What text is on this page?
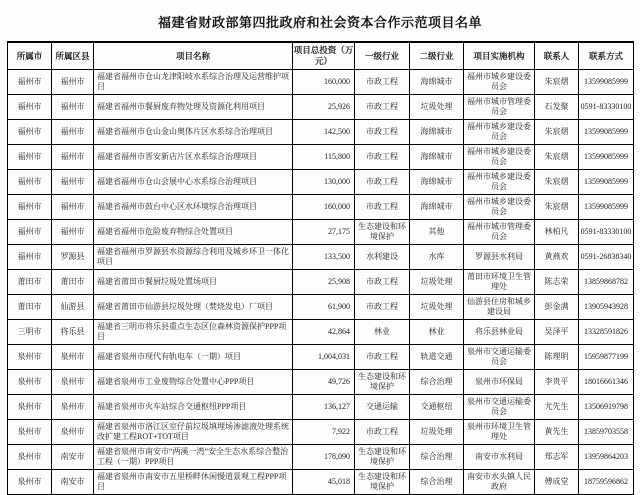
福建省财政部第四批政府和社会资本合作示范项目名单
所属市	所属区县	项目名称	项目总投资（万元）	一级行业	二级行业	项目实施机构	联系人	联系方式
福州市	福州市	福建省福州市仓山龙津阳岐水系综合治理及运营维护项目	160,000	市政工程	海绵城市	福州市城乡建设委员会	朱宸熠	13599085999
福州市	福州市	福建省福州市餐厨废弃物处理及资源化利用项目	25,926	市政工程	垃圾处理	福州市城市管理委员会	石发聚	0591-83330100
福州市	福州市	福建省福州市仓山金山奥体片区水系综合治理项目	142,500	市政工程	海绵城市	福州市城乡建设委员会	朱宸熠	13599085999
福州市	福州市	福建省福州市晋安新店片区水系综合治理项目	115,800	市政工程	海绵城市	福州市城乡建设委员会	朱宸熠	13599085999
福州市	福州市	福建省福州市仓山会展中心水系综合治理项目	130,000	市政工程	海绵城市	福州市城乡建设委员会	朱宸熠	13599085999
福州市	福州市	福建省福州市鼓台中心区水环境综合治理项目	160,000	市政工程	海绵城市	福州市城乡建设委员会	朱宸熠	13599085999
福州市	福州市	福建省福州市危险废弃物综合处置项目	27,175	生态建设和环境保护	其他	福州市城市管理委员会	林柏凡	0591-83330100
福州市	罗源县	福建省福州市罗源县水资源综合利用及城乡环卫一体化项目	133,500	水利建设	水库	罗源县水利局	黄燕欢	0591-26838340
莆田市	莆田市	福建省莆田市餐厨垃圾处置场项目	25,908	市政工程	垃圾处理	莆田市环境卫生管理处	陈志荣	13859868782
莆田市	仙游县	福建省莆田市仙游县垃圾处理（焚烧发电）厂项目	61,900	市政工程	垃圾处理	仙游县住房和城乡建设局	彭金满	13905943928
三明市	将乐县	福建省三明市将乐县重点生态区位森林资源保护PPP项目	42,864	林业	林业	将乐县林业局	吴泽平	13328591826
泉州市	泉州市	福建省泉州市现代有轨电车（一期）项目	1,004,031	市政工程	轨道交通	泉州市交通运输委员会	陈理明	15959877199
泉州市	泉州市	福建省泉州市工业废物综合处置中心PPP项目	49,726	生态建设和环境保护	综合治理	泉州市环保局	李贵平	18016661346
泉州市	泉州市	福建省泉州市火车站综合交通枢纽PPP项目	136,127	交通运输	交通枢纽	泉州市交通运输委员会	尤先生	13506919798
泉州市	泉州市	福建省泉州市洛江区室仔前垃圾填埋场渗滤液处理系统改扩建工程ROT+TOT项目	7,922	市政工程	垃圾处理	泉州市环境卫生管理处	黄先生	13859703558
泉州市	南安市	福建省泉州市南安市“两溪一湾”安全生态水系综合整治工程（一期）PPP项目	178,090	生态建设和环境保护	综合治理	南安市水利局	郑志军	13959864203
泉州市	南安市	福建省泉州市南安市五里桥畔休闲慢道景观工程PPP项目	45,018	生态建设和环境保护	综合治理	南安市水头镇人民政府	傅成堂	18759596862
